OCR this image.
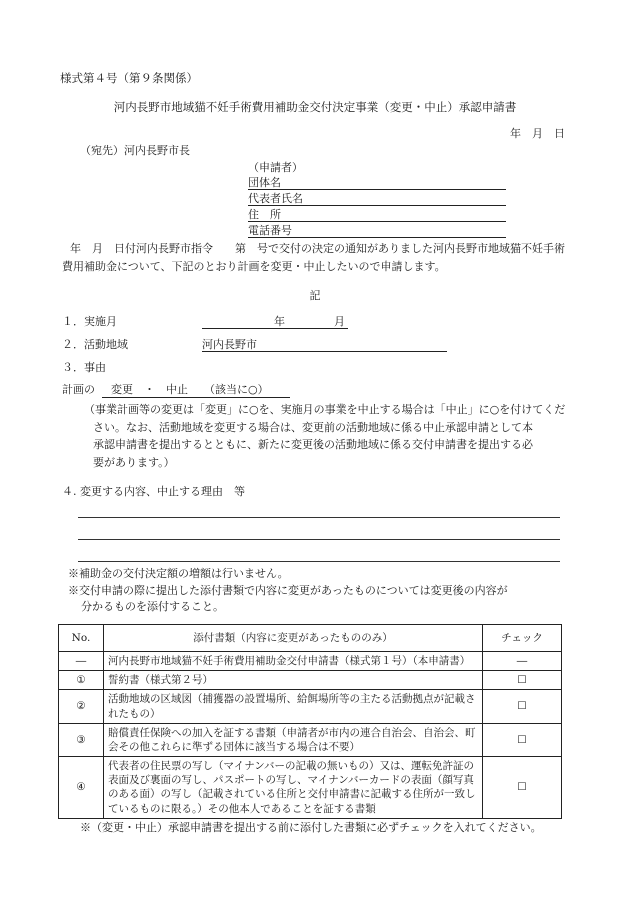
様式第４号（第９条関係）
河内長野市地域猫不妊手術費用補助金交付決定事業（変更・中止）承認申請書
年　月　日
（宛先）河内長野市長
（申請者）
団体名
代表者氏名
住　所
電話番号
年　月　日付河内長野市指令　　第　号で交付の決定の通知がありました河内長野市地域猫不妊手術費用補助金について、下記のとおり計画を変更・中止したいので申請します。
記
１．実施月	年	月
２．活動地域	河内長野市
３．事由
計画の 変更　・　中止 （該当に○）
（事業計画等の変更は「変更」に○を、実施月の事業を中止する場合は「中止」に○を付けてくだ
さい。なお、活動地域を変更する場合は、変更前の活動地域に係る中止承認申請として本
承認申請書を提出するとともに、新たに変更後の活動地域に係る交付申請書を提出する必
要があります。）
４. 変更する内容、中止する理由　等
※補助金の交付決定額の増額は行いません。
※交付申請の際に提出した添付書類で内容に変更があったものについては変更後の内容が
分かるものを添付すること。
No.	添付書類（内容に変更があったもののみ）	チェック
―	河内長野市地域猫不妊手術費用補助金交付申請書（様式第１号）（本申請書）	―
①	誓約書（様式第２号）	☐
②	活動地域の区域図（捕獲器の設置場所、給餌場所等の主たる活動拠点が記載されたもの）	☐
③	賠償責任保険への加入を証する書類（申請者が市内の連合自治会、自治会、町会その他これらに準ずる団体に該当する場合は不要）	☐
④	代表者の住民票の写し（マイナンバーの記載の無いもの）又は、運転免許証の表面及び裏面の写し、パスポートの写し、マイナンバーカードの表面（顔写真のある面）の写し（記載されている住所と交付申請書に記載する住所が一致しているものに限る。）その他本人であることを証する書類	☐
※（変更・中止）承認申請書を提出する前に添付した書類に必ずチェックを入れてください。
